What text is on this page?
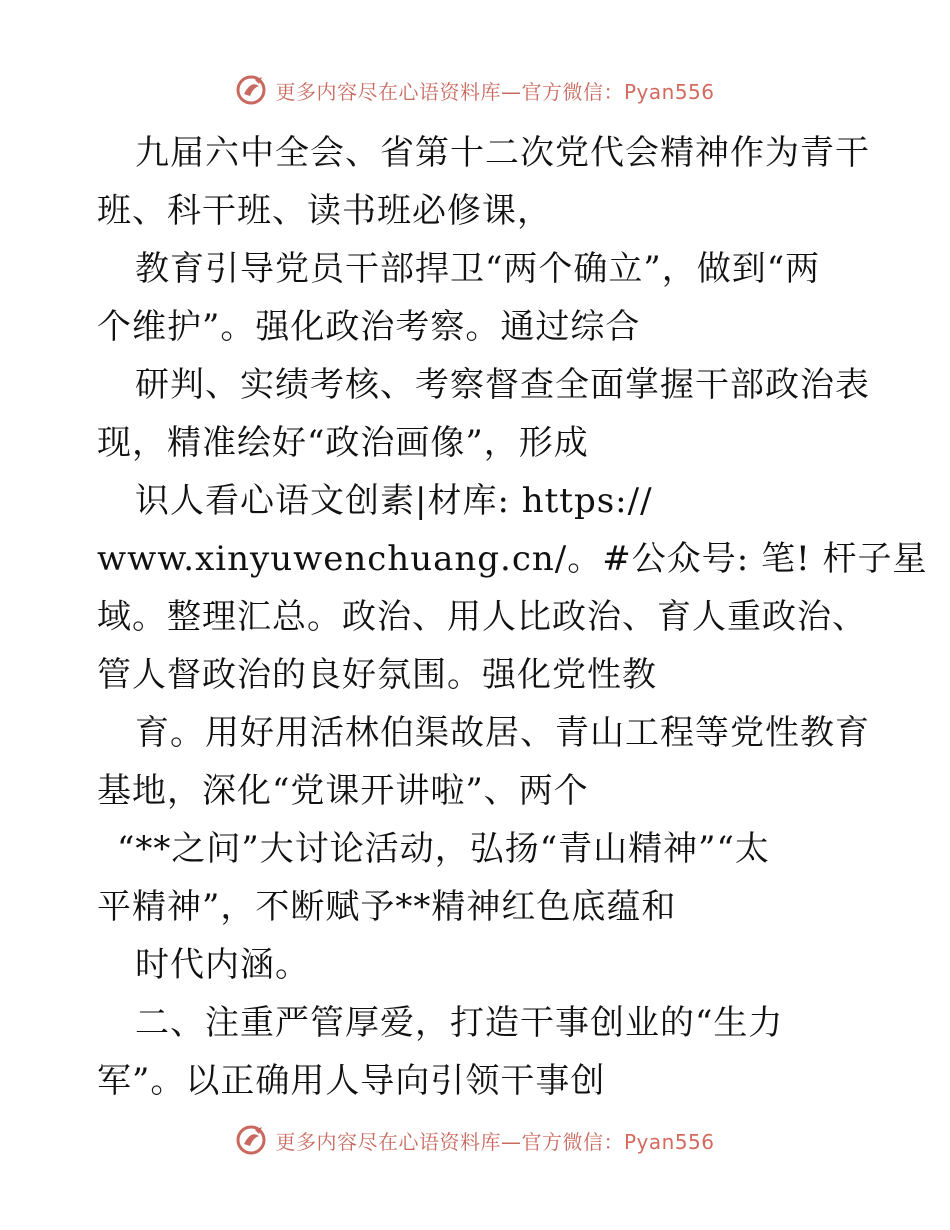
更多内容尽在心语资料库—官方微信：Pyan556
九届六中全会、省第十二次党代会精神作为青干
班、科干班、读书班必修课，
教育引导党员干部捍卫“两个确立”，做到“两
个维护”。强化政治考察。通过综合
研判、实绩考核、考察督查全面掌握干部政治表
现，精准绘好“政治画像”，形成
识人看心语文创素|材库: https://
www.xinyuwenchuang.cn/。#公众号: 笔! 杆子星
域。整理汇总。政治、用人比政治、育人重政治、
管人督政治的良好氛围。强化党性教
育。用好用活林伯渠故居、青山工程等党性教育
基地，深化“党课开讲啦”、两个
“**之问”大讨论活动，弘扬“青山精神”“太
平精神”，不断赋予**精神红色底蕴和
时代内涵。
二、注重严管厚爱，打造干事创业的“生力
军”。以正确用人导向引领干事创
更多内容尽在心语资料库—官方微信：Pyan556
